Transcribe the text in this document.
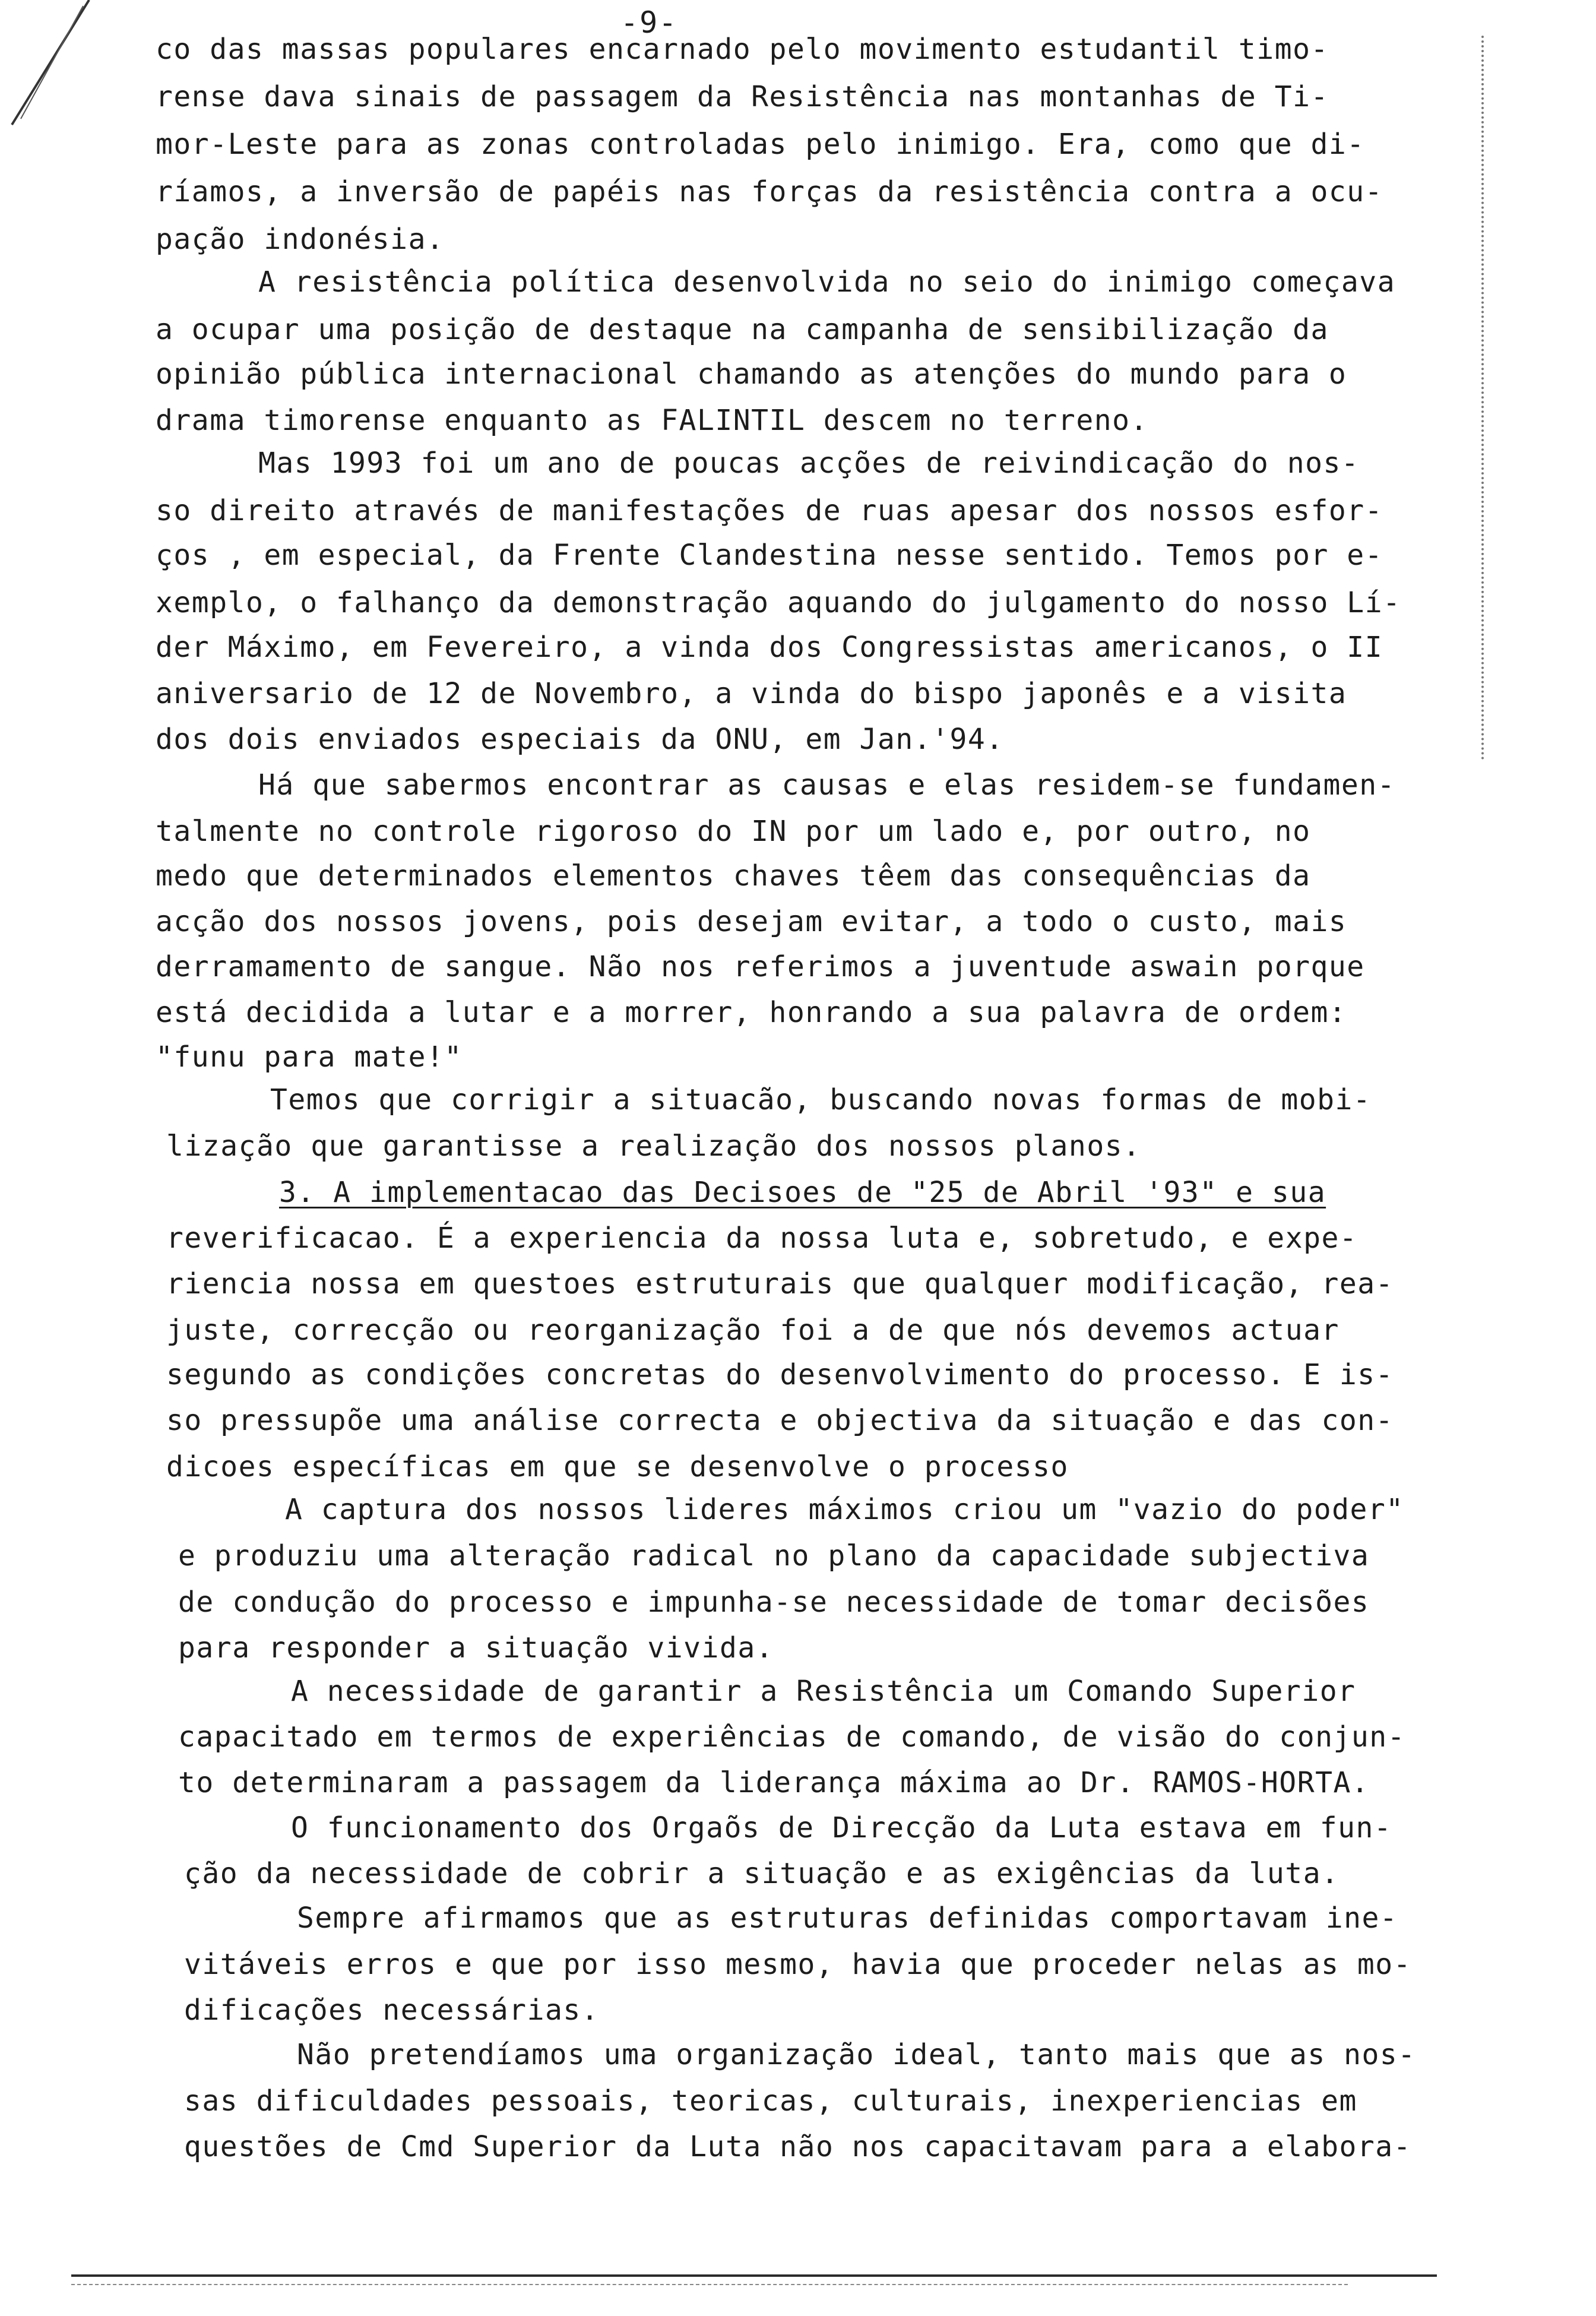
-9-
co das massas populares encarnado pelo movimento estudantil timo-
rense dava sinais de passagem da Resistência nas montanhas de Ti-
mor-Leste para as zonas controladas pelo inimigo. Era, como que di-
ríamos, a inversão de papéis nas forças da resistência contra a ocu-
pação indonésia.
A resistência política desenvolvida no seio do inimigo começava
a ocupar uma posição de destaque na campanha de sensibilização da
opinião pública internacional chamando as atenções do mundo para o
drama timorense enquanto as FALINTIL descem no terreno.
Mas 1993 foi um ano de poucas acções de reivindicação do nos-
so direito através de manifestações de ruas apesar dos nossos esfor-
ços , em especial, da Frente Clandestina nesse sentido. Temos por e-
xemplo, o falhanço da demonstração aquando do julgamento do nosso Lí-
der Máximo, em Fevereiro, a vinda dos Congressistas americanos, o II
aniversario de 12 de Novembro, a vinda do bispo japonês e a visita
dos dois enviados especiais da ONU, em Jan.'94.
Há que sabermos encontrar as causas e elas residem-se fundamen-
talmente no controle rigoroso do IN por um lado e, por outro, no
medo que determinados elementos chaves têem das consequências da
acção dos nossos jovens, pois desejam evitar, a todo o custo, mais
derramamento de sangue. Não nos referimos a juventude aswain porque
está decidida a lutar e a morrer, honrando a sua palavra de ordem:
"funu para mate!"
Temos que corrigir a situacão, buscando novas formas de mobi-
lização que garantisse a realização dos nossos planos.
3. A implementacao das Decisoes de "25 de Abril '93" e sua
reverificacao. É a experiencia da nossa luta e, sobretudo, e expe-
riencia nossa em questoes estruturais que qualquer modificação, rea-
juste, correcção ou reorganização foi a de que nós devemos actuar
segundo as condições concretas do desenvolvimento do processo. E is-
so pressupõe uma análise correcta e objectiva da situação e das con-
dicoes específicas em que se desenvolve o processo
A captura dos nossos lideres máximos criou um "vazio do poder"
e produziu uma alteração radical no plano da capacidade subjectiva
de condução do processo e impunha-se necessidade de tomar decisões
para responder a situação vivida.
A necessidade de garantir a Resistência um Comando Superior
capacitado em termos de experiências de comando, de visão do conjun-
to determinaram a passagem da liderança máxima ao Dr. RAMOS-HORTA.
O funcionamento dos Orgaõs de Direcção da Luta estava em fun-
ção da necessidade de cobrir a situação e as exigências da luta.
Sempre afirmamos que as estruturas definidas comportavam ine-
vitáveis erros e que por isso mesmo, havia que proceder nelas as mo-
dificações necessárias.
Não pretendíamos uma organização ideal, tanto mais que as nos-
sas dificuldades pessoais, teoricas, culturais, inexperiencias em
questões de Cmd Superior da Luta não nos capacitavam para a elabora-
